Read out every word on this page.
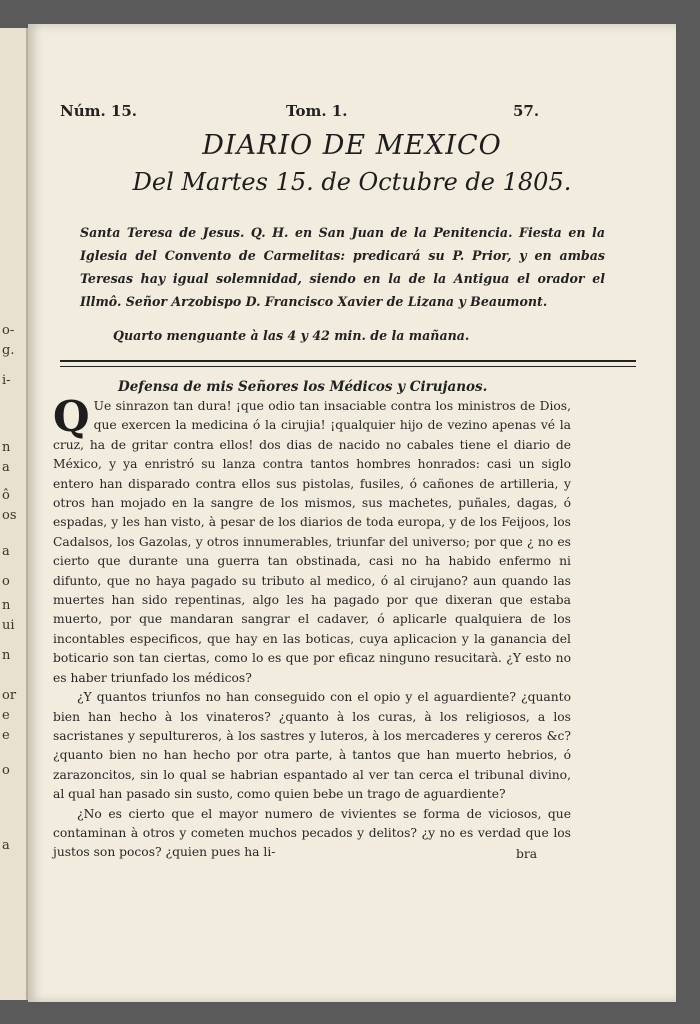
o-
g.
i-
n
a
ô
os
a
o
n
ui
n
or
e
e
o
a
Núm. 15.	Tom. 1.	57.
DIARIO DE MEXICO
Del Martes 15. de Octubre de 1805.
Santa Teresa de Jesus. Q. H. en San Juan de la Penitencia. Fiesta en la Iglesia del Convento de Carmelitas: predicará su P. Prior, y en ambas Teresas hay igual solemnidad, siendo en la de la Antigua el orador el Illmô. Señor Arzobispo D. Francisco Xavier de Lizana y Beaumont.
Quarto menguante à las 4 y 42 min. de la mañana.
Defensa de mis Señores los Médicos y Cirujanos.

Q Ue sinrazon tan dura! ¡que odio tan insaciable contra los ministros de Dios, que exercen la medicina ó la cirujia! ¡qualquier hijo de vezino apenas vé la cruz, ha de gritar contra ellos! dos dias de nacido no cabales tiene el diario de México, y ya enristró su lanza contra tantos hombres honrados: casi un siglo entero han disparado contra ellos sus pistolas, fusiles, ó cañones de artilleria, y otros han mojado en la sangre de los mismos, sus machetes, puñales, dagas, ó espadas, y les han visto, à pesar de los diarios de toda europa, y de los Feijoos, los Cadalsos, los Gazolas, y otros innumerables, triunfar del universo; por que ¿ no es cierto que durante una guerra tan obstinada, casi no ha habido enfermo ni difunto, que no haya pagado su tributo al medico, ó al cirujano? aun quando las muertes han sido repentinas, algo les ha pagado por que dixeran que estaba muerto, por que mandaran sangrar el cadaver, ó aplicarle qualquiera de los incontables especificos, que hay en las boticas, cuya aplicacion y la ganancia del boticario son tan ciertas, como lo es que por eficaz ninguno resucitarà. ¿Y esto no es haber triunfado los médicos?

¿Y quantos triunfos no han conseguido con el opio y el aguardiente? ¿quanto bien han hecho à los vinateros? ¿quanto à los curas, à los religiosos, a los sacristanes y sepultureros, à los sastres y luteros, à los mercaderes y cereros &c? ¿quanto bien no han hecho por otra parte, à tantos que han muerto hebrios, ó zarazoncitos, sin lo qual se habrian espantado al ver tan cerca el tribunal divino, al qual han pasado sin susto, como quien bebe un trago de aguardiente?

¿No es cierto que el mayor numero de vivientes se forma de viciosos, que contaminan à otros y cometen muchos pecados y delitos? ¿y no es verdad que los justos son pocos? ¿quien pues ha li-	bra
